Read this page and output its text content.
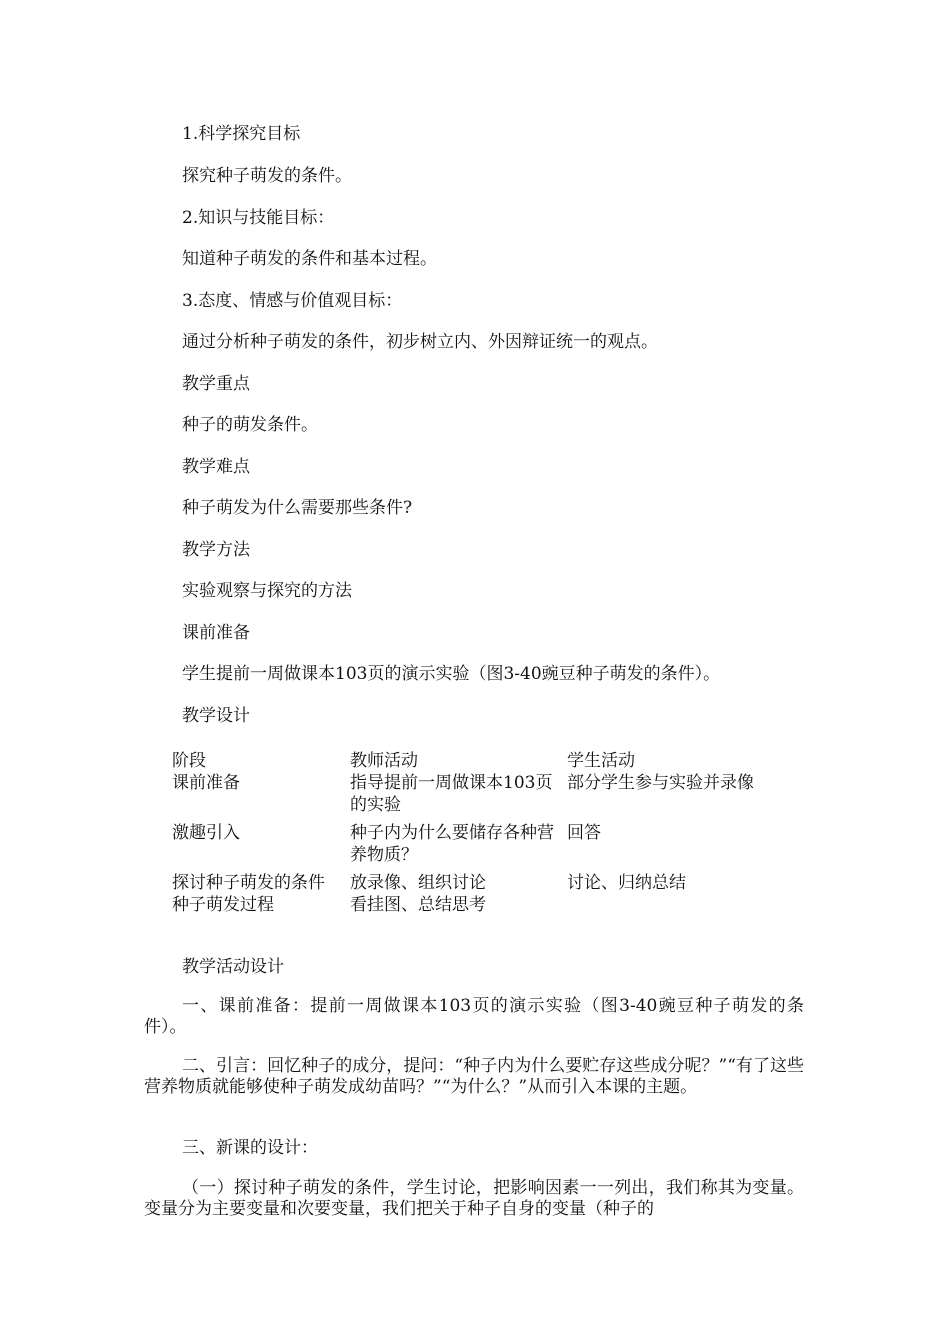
1.科学探究目标
探究种子萌发的条件。
2.知识与技能目标：
知道种子萌发的条件和基本过程。
3.态度、情感与价值观目标：
通过分析种子萌发的条件，初步树立内、外因辩证统一的观点。
教学重点
种子的萌发条件。
教学难点
种子萌发为什么需要那些条件?
教学方法
实验观察与探究的方法
课前准备
学生提前一周做课本103页的演示实验（图3-40豌豆种子萌发的条件）。
教学设计
阶段	教师活动	学生活动
课前准备	指导提前一周做课本103页的实验	部分学生参与实验并录像
激趣引入	种子内为什么要储存各种营养物质？	回答
探讨种子萌发的条件	放录像、组织讨论	讨论、归纳总结
种子萌发过程	看挂图、总结思考	
教学活动设计
一、课前准备：提前一周做课本103页的演示实验（图3-40豌豆种子萌发的条件）。
二、引言：回忆种子的成分，提问：“种子内为什么要贮存这些成分呢？”“有了这些营养物质就能够使种子萌发成幼苗吗？”“为什么？”从而引入本课的主题。
三、新课的设计：
（一）探讨种子萌发的条件，学生讨论，把影响因素一一列出，我们称其为变量。变量分为主要变量和次要变量，我们把关于种子自身的变量（种子的
